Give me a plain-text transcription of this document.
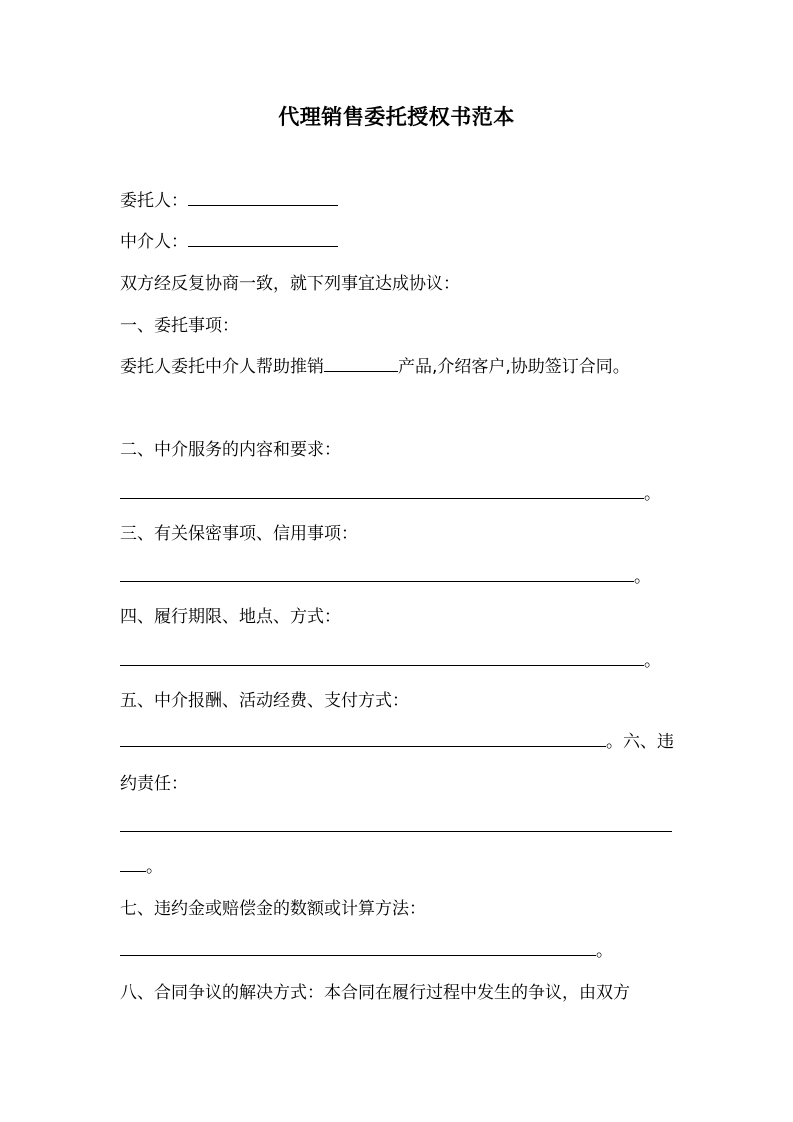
代理销售委托授权书范本
委托人：
中介人：
双方经反复协商一致，就下列事宜达成协议：
一、委托事项：
委托人委托中介人帮助推销	产品,介绍客户,协助签订合同。
二、中介服务的内容和要求：
。
三、有关保密事项、信用事项：
。
四、履行期限、地点、方式：
。
五、中介报酬、活动经费、支付方式：
。六、违
约责任：
。
七、违约金或赔偿金的数额或计算方法：
。
八、合同争议的解决方式：本合同在履行过程中发生的争议，由双方
